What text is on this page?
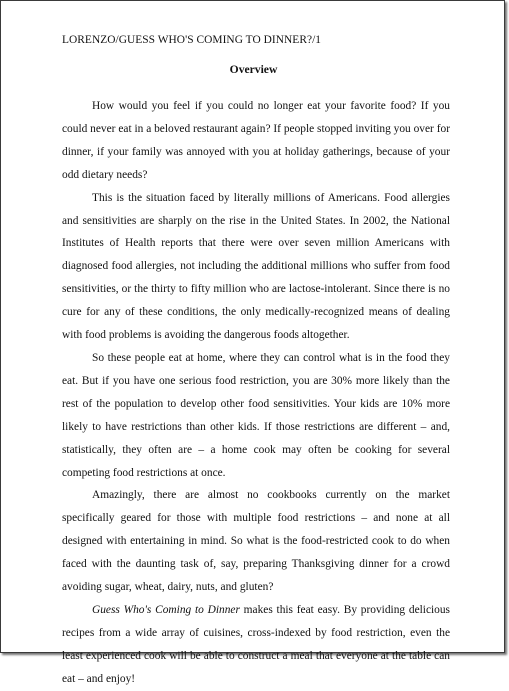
LORENZO/GUESS WHO'S COMING TO DINNER?/1
Overview

How would you feel if you could no longer eat your favorite food? If you could never eat in a beloved restaurant again? If people stopped inviting you over for dinner, if your family was annoyed with you at holiday gatherings, because of your odd dietary needs?

This is the situation faced by literally millions of Americans. Food allergies and sensitivities are sharply on the rise in the United States. In 2002, the National Institutes of Health reports that there were over seven million Americans with diagnosed food allergies, not including the additional millions who suffer from food sensitivities, or the thirty to fifty million who are lactose-intolerant. Since there is no cure for any of these conditions, the only medically-recognized means of dealing with food problems is avoiding the dangerous foods altogether.

So these people eat at home, where they can control what is in the food they eat. But if you have one serious food restriction, you are 30% more likely than the rest of the population to develop other food sensitivities. Your kids are 10% more likely to have restrictions than other kids. If those restrictions are different – and, statistically, they often are – a home cook may often be cooking for several competing food restrictions at once.

Amazingly, there are almost no cookbooks currently on the market specifically geared for those with multiple food restrictions – and none at all designed with entertaining in mind. So what is the food-restricted cook to do when faced with the daunting task of, say, preparing Thanksgiving dinner for a crowd avoiding sugar, wheat, dairy, nuts, and gluten?

Guess Who's Coming to Dinner makes this feat easy. By providing delicious recipes from a wide array of cuisines, cross-indexed by food restriction, even the least experienced cook will be able to construct a meal that everyone at the table can eat – and enjoy!
